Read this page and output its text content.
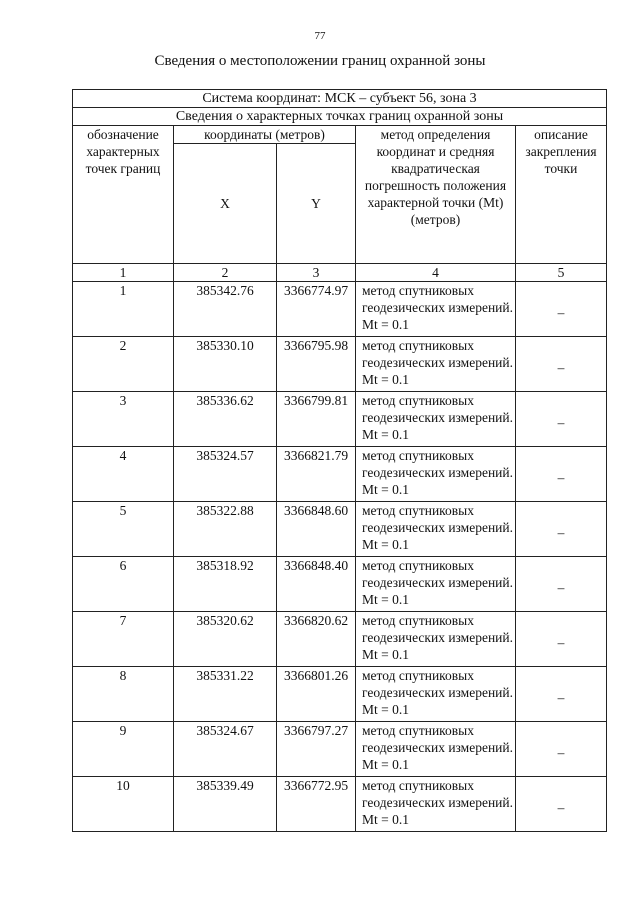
77
Сведения о местоположении границ охранной зоны
Система координат: МСК – субъект 56, зона 3				
Сведения о характерных точках границ охранной зоны				
обозначение характерных точек границ	координаты (метров)		метод определения координат и средняя квадратическая погрешность положения характерной точки (Mt) (метров)	описание закрепления точки
	X	Y		
1	2	3	4	5
1	385342.76	3366774.97	метод спутниковых геодезических измерений. Mt = 0.1	–
2	385330.10	3366795.98	метод спутниковых геодезических измерений. Mt = 0.1	–
3	385336.62	3366799.81	метод спутниковых геодезических измерений. Mt = 0.1	–
4	385324.57	3366821.79	метод спутниковых геодезических измерений. Mt = 0.1	–
5	385322.88	3366848.60	метод спутниковых геодезических измерений. Mt = 0.1	–
6	385318.92	3366848.40	метод спутниковых геодезических измерений. Mt = 0.1	–
7	385320.62	3366820.62	метод спутниковых геодезических измерений. Mt = 0.1	–
8	385331.22	3366801.26	метод спутниковых геодезических измерений. Mt = 0.1	–
9	385324.67	3366797.27	метод спутниковых геодезических измерений. Mt = 0.1	–
10	385339.49	3366772.95	метод спутниковых геодезических измерений. Mt = 0.1	–
